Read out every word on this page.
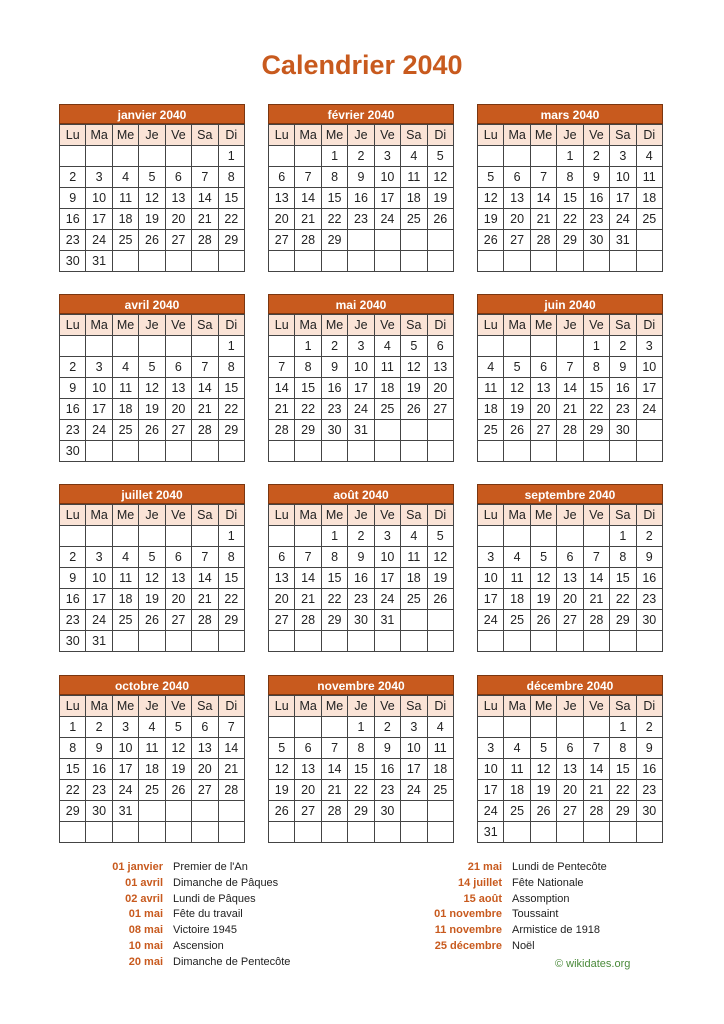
Calendrier 2040
janvier 2040
Lu	Ma	Me	Je	Ve	Sa	Di
						1
2	3	4	5	6	7	8
9	10	11	12	13	14	15
16	17	18	19	20	21	22
23	24	25	26	27	28	29
30	31					
février 2040
Lu	Ma	Me	Je	Ve	Sa	Di
		1	2	3	4	5
6	7	8	9	10	11	12
13	14	15	16	17	18	19
20	21	22	23	24	25	26
27	28	29				

mars 2040
Lu	Ma	Me	Je	Ve	Sa	Di
			1	2	3	4
5	6	7	8	9	10	11
12	13	14	15	16	17	18
19	20	21	22	23	24	25
26	27	28	29	30	31	

avril 2040
Lu	Ma	Me	Je	Ve	Sa	Di
						1
2	3	4	5	6	7	8
9	10	11	12	13	14	15
16	17	18	19	20	21	22
23	24	25	26	27	28	29
30						
mai 2040
Lu	Ma	Me	Je	Ve	Sa	Di
	1	2	3	4	5	6
7	8	9	10	11	12	13
14	15	16	17	18	19	20
21	22	23	24	25	26	27
28	29	30	31			

juin 2040
Lu	Ma	Me	Je	Ve	Sa	Di
				1	2	3
4	5	6	7	8	9	10
11	12	13	14	15	16	17
18	19	20	21	22	23	24
25	26	27	28	29	30	

juillet 2040
Lu	Ma	Me	Je	Ve	Sa	Di
						1
2	3	4	5	6	7	8
9	10	11	12	13	14	15
16	17	18	19	20	21	22
23	24	25	26	27	28	29
30	31					
août 2040
Lu	Ma	Me	Je	Ve	Sa	Di
		1	2	3	4	5
6	7	8	9	10	11	12
13	14	15	16	17	18	19
20	21	22	23	24	25	26
27	28	29	30	31		

septembre 2040
Lu	Ma	Me	Je	Ve	Sa	Di
					1	2
3	4	5	6	7	8	9
10	11	12	13	14	15	16
17	18	19	20	21	22	23
24	25	26	27	28	29	30

octobre 2040
Lu	Ma	Me	Je	Ve	Sa	Di
1	2	3	4	5	6	7
8	9	10	11	12	13	14
15	16	17	18	19	20	21
22	23	24	25	26	27	28
29	30	31				

novembre 2040
Lu	Ma	Me	Je	Ve	Sa	Di
			1	2	3	4
5	6	7	8	9	10	11
12	13	14	15	16	17	18
19	20	21	22	23	24	25
26	27	28	29	30		

décembre 2040
Lu	Ma	Me	Je	Ve	Sa	Di
					1	2
3	4	5	6	7	8	9
10	11	12	13	14	15	16
17	18	19	20	21	22	23
24	25	26	27	28	29	30
31						
01 janvier Premier de l'An
01 avril Dimanche de Pâques
02 avril Lundi de Pâques
01 mai Fête du travail
08 mai Victoire 1945
10 mai Ascension
20 mai Dimanche de Pentecôte
21 mai Lundi de Pentecôte
14 juillet Fête Nationale
15 août Assomption
01 novembre Toussaint
11 novembre Armistice de 1918
25 décembre Noël
© wikidates.org
